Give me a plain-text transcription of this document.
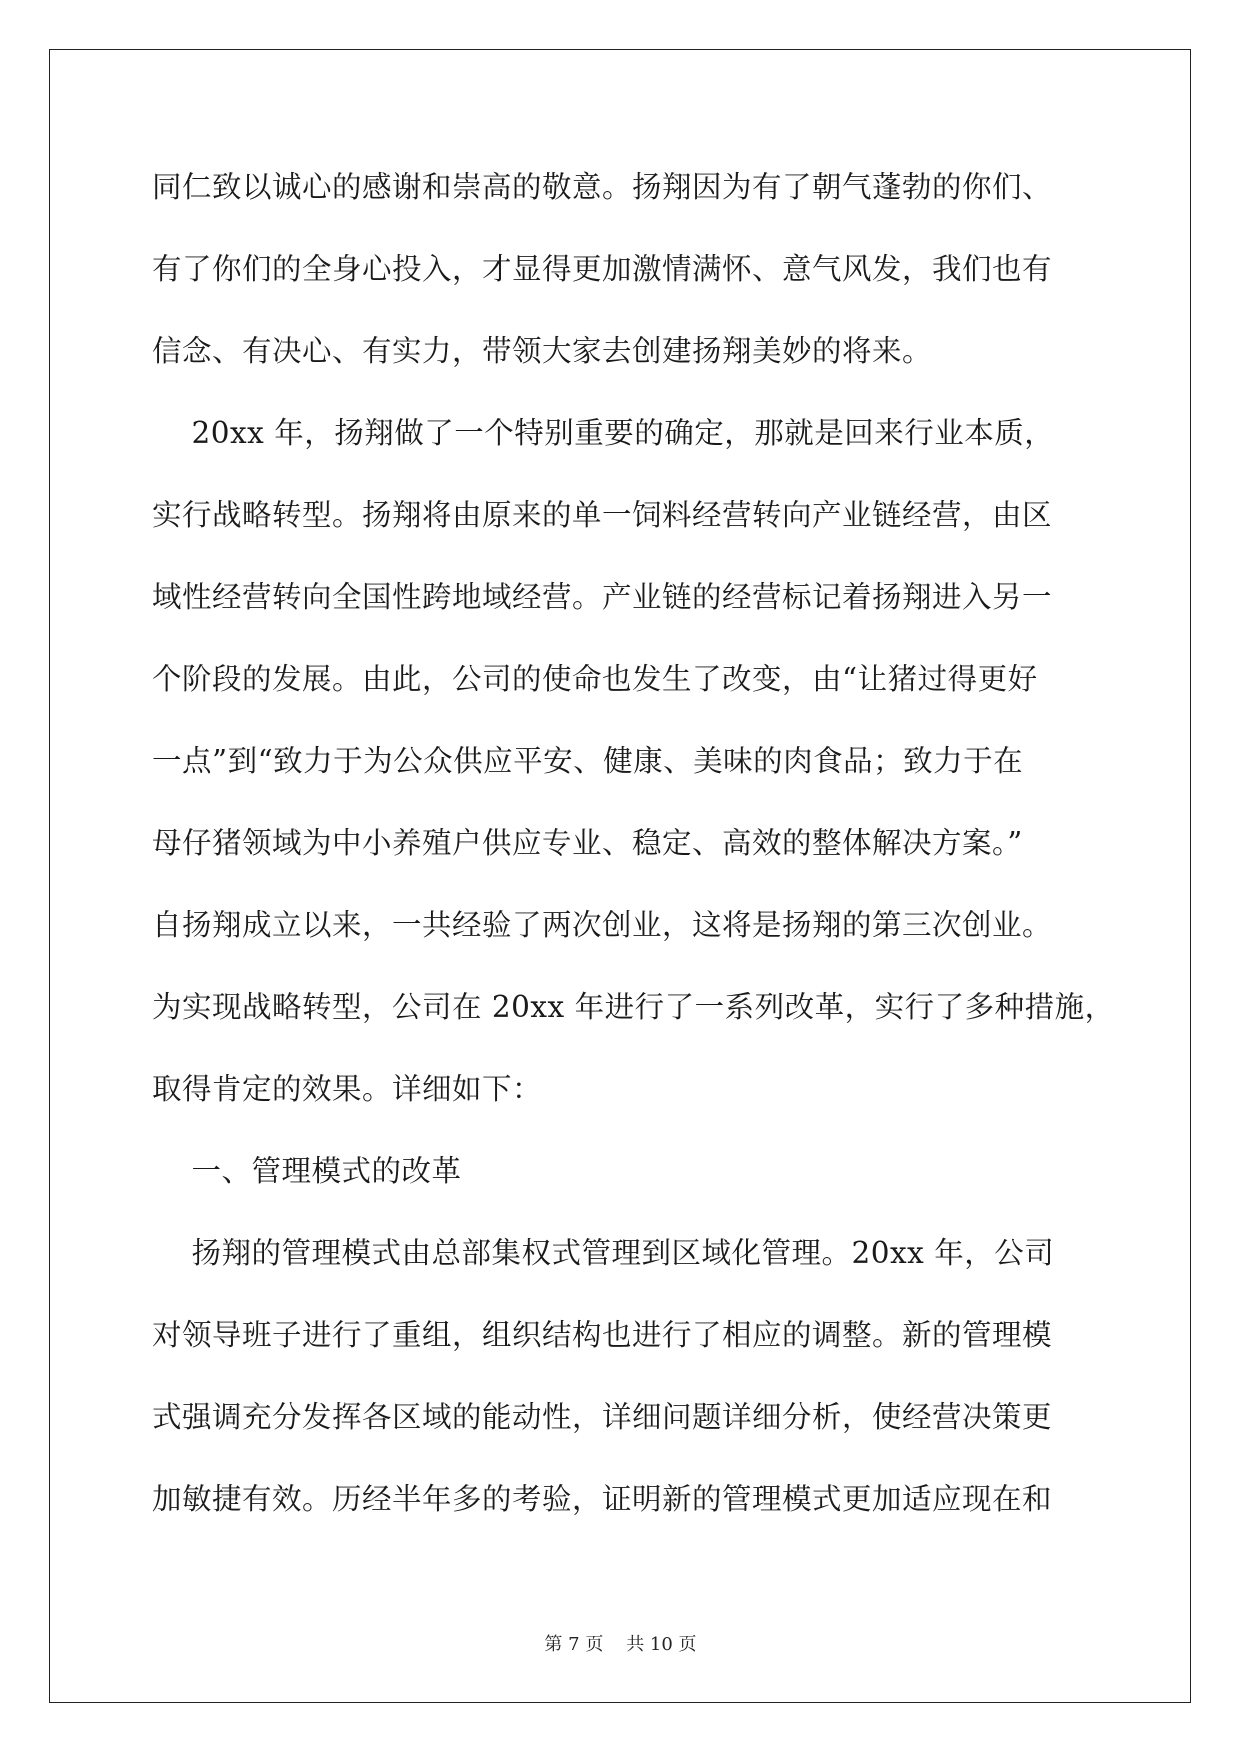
同仁致以诚心的感谢和崇高的敬意。扬翔因为有了朝气蓬勃的你们、
有了你们的全身心投入，才显得更加激情满怀、意气风发，我们也有
信念、有决心、有实力，带领大家去创建扬翔美妙的将来。
20xx 年，扬翔做了一个特别重要的确定，那就是回来行业本质，
实行战略转型。扬翔将由原来的单一饲料经营转向产业链经营，由区
域性经营转向全国性跨地域经营。产业链的经营标记着扬翔进入另一
个阶段的发展。由此，公司的使命也发生了改变，由“让猪过得更好
一点”到“致力于为公众供应平安、健康、美味的肉食品；致力于在
母仔猪领域为中小养殖户供应专业、稳定、高效的整体解决方案。”
自扬翔成立以来，一共经验了两次创业，这将是扬翔的第三次创业。
为实现战略转型，公司在 20xx 年进行了一系列改革，实行了多种措施，
取得肯定的效果。详细如下：
一、管理模式的改革
扬翔的管理模式由总部集权式管理到区域化管理。20xx 年，公司
对领导班子进行了重组，组织结构也进行了相应的调整。新的管理模
式强调充分发挥各区域的能动性，详细问题详细分析，使经营决策更
加敏捷有效。历经半年多的考验，证明新的管理模式更加适应现在和
第 7 页    共 10 页
